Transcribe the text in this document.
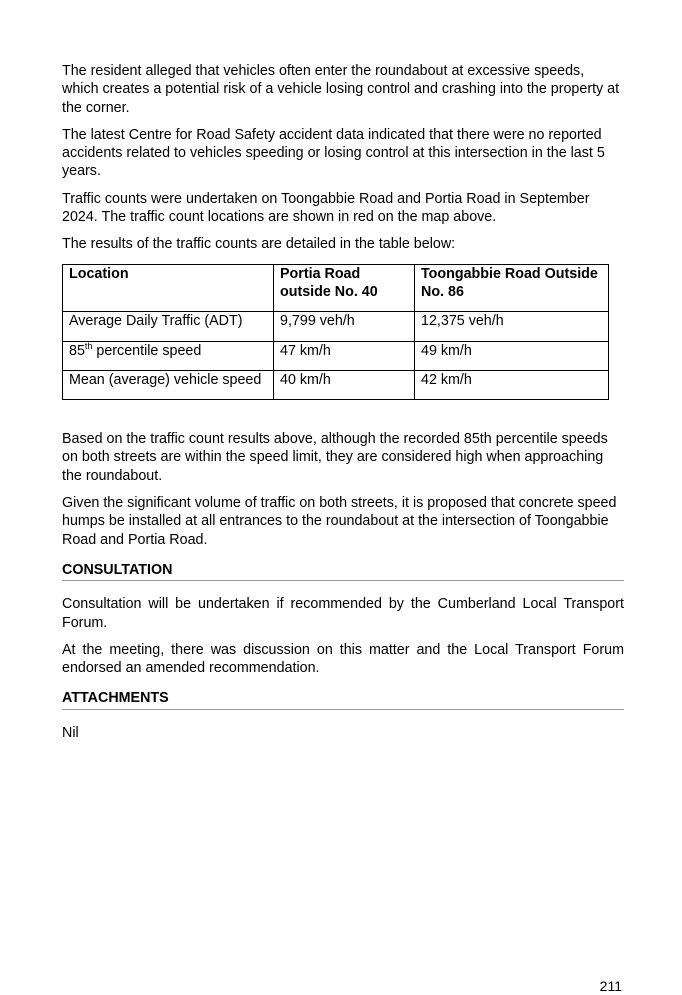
The resident alleged that vehicles often enter the roundabout at excessive speeds, which creates a potential risk of a vehicle losing control and crashing into the property at the corner.

The latest Centre for Road Safety accident data indicated that there were no reported accidents related to vehicles speeding or losing control at this intersection in the last 5 years.

Traffic counts were undertaken on Toongabbie Road and Portia Road in September 2024. The traffic count locations are shown in red on the map above.

The results of the traffic counts are detailed in the table below:

Location	Portia Road outside No. 40	Toongabbie Road Outside No. 86
Average Daily Traffic (ADT)	9,799 veh/h	12,375 veh/h
85th percentile speed	47 km/h	49 km/h
Mean (average) vehicle speed	40 km/h	42 km/h

Based on the traffic count results above, although the recorded 85th percentile speeds on both streets are within the speed limit, they are considered high when approaching the roundabout.

Given the significant volume of traffic on both streets, it is proposed that concrete speed humps be installed at all entrances to the roundabout at the intersection of Toongabbie Road and Portia Road.

CONSULTATION

Consultation will be undertaken if recommended by the Cumberland Local Transport Forum.

At the meeting, there was discussion on this matter and the Local Transport Forum endorsed an amended recommendation.

ATTACHMENTS

Nil

211
